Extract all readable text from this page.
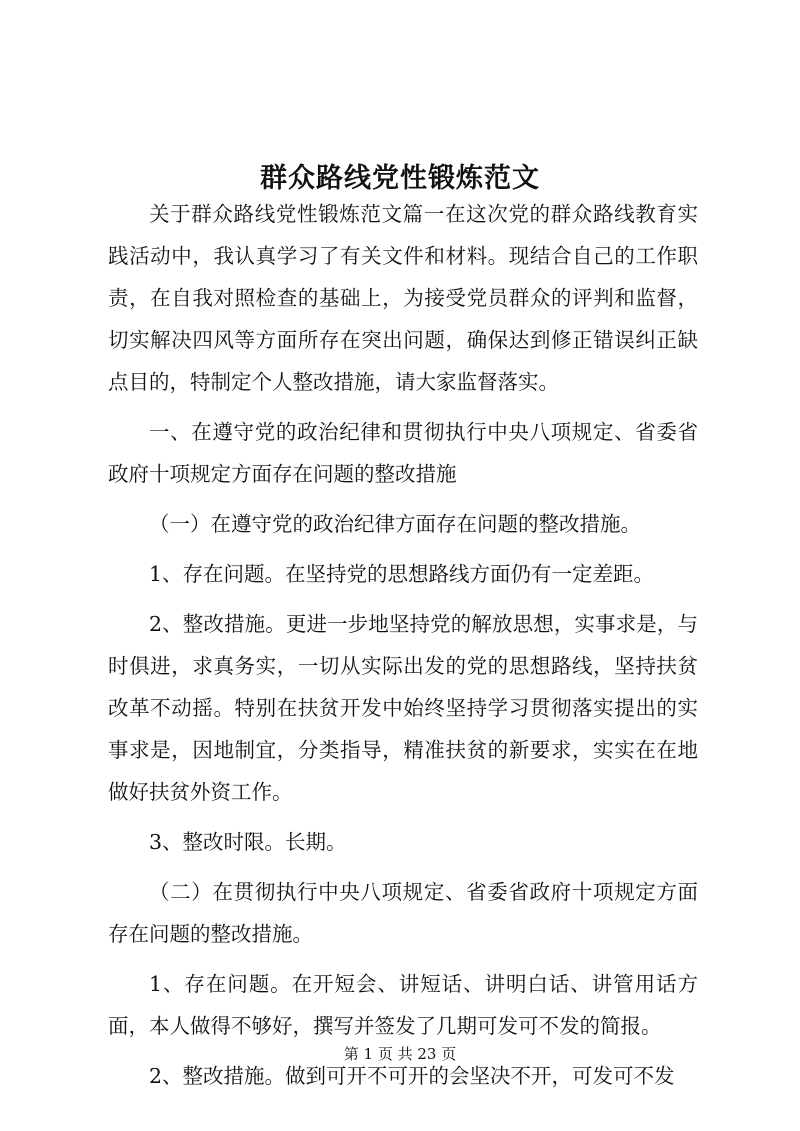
群众路线党性锻炼范文

关于群众路线党性锻炼范文篇一在这次党的群众路线教育实践活动中，我认真学习了有关文件和材料。现结合自己的工作职责，在自我对照检查的基础上，为接受党员群众的评判和监督，切实解决四风等方面所存在突出问题，确保达到修正错误纠正缺点目的，特制定个人整改措施，请大家监督落实。

一、在遵守党的政治纪律和贯彻执行中央八项规定、省委省政府十项规定方面存在问题的整改措施

（一）在遵守党的政治纪律方面存在问题的整改措施。

1、存在问题。在坚持党的思想路线方面仍有一定差距。

2、整改措施。更进一步地坚持党的解放思想，实事求是，与时俱进，求真务实，一切从实际出发的党的思想路线，坚持扶贫改革不动摇。特别在扶贫开发中始终坚持学习贯彻落实提出的实事求是，因地制宜，分类指导，精准扶贫的新要求，实实在在地做好扶贫外资工作。

3、整改时限。长期。

（二）在贯彻执行中央八项规定、省委省政府十项规定方面存在问题的整改措施。

1、存在问题。在开短会、讲短话、讲明白话、讲管用话方面，本人做得不够好，撰写并签发了几期可发可不发的简报。

2、整改措施。做到可开不可开的会坚决不开，可发可不发

第 1 页 共 23 页
